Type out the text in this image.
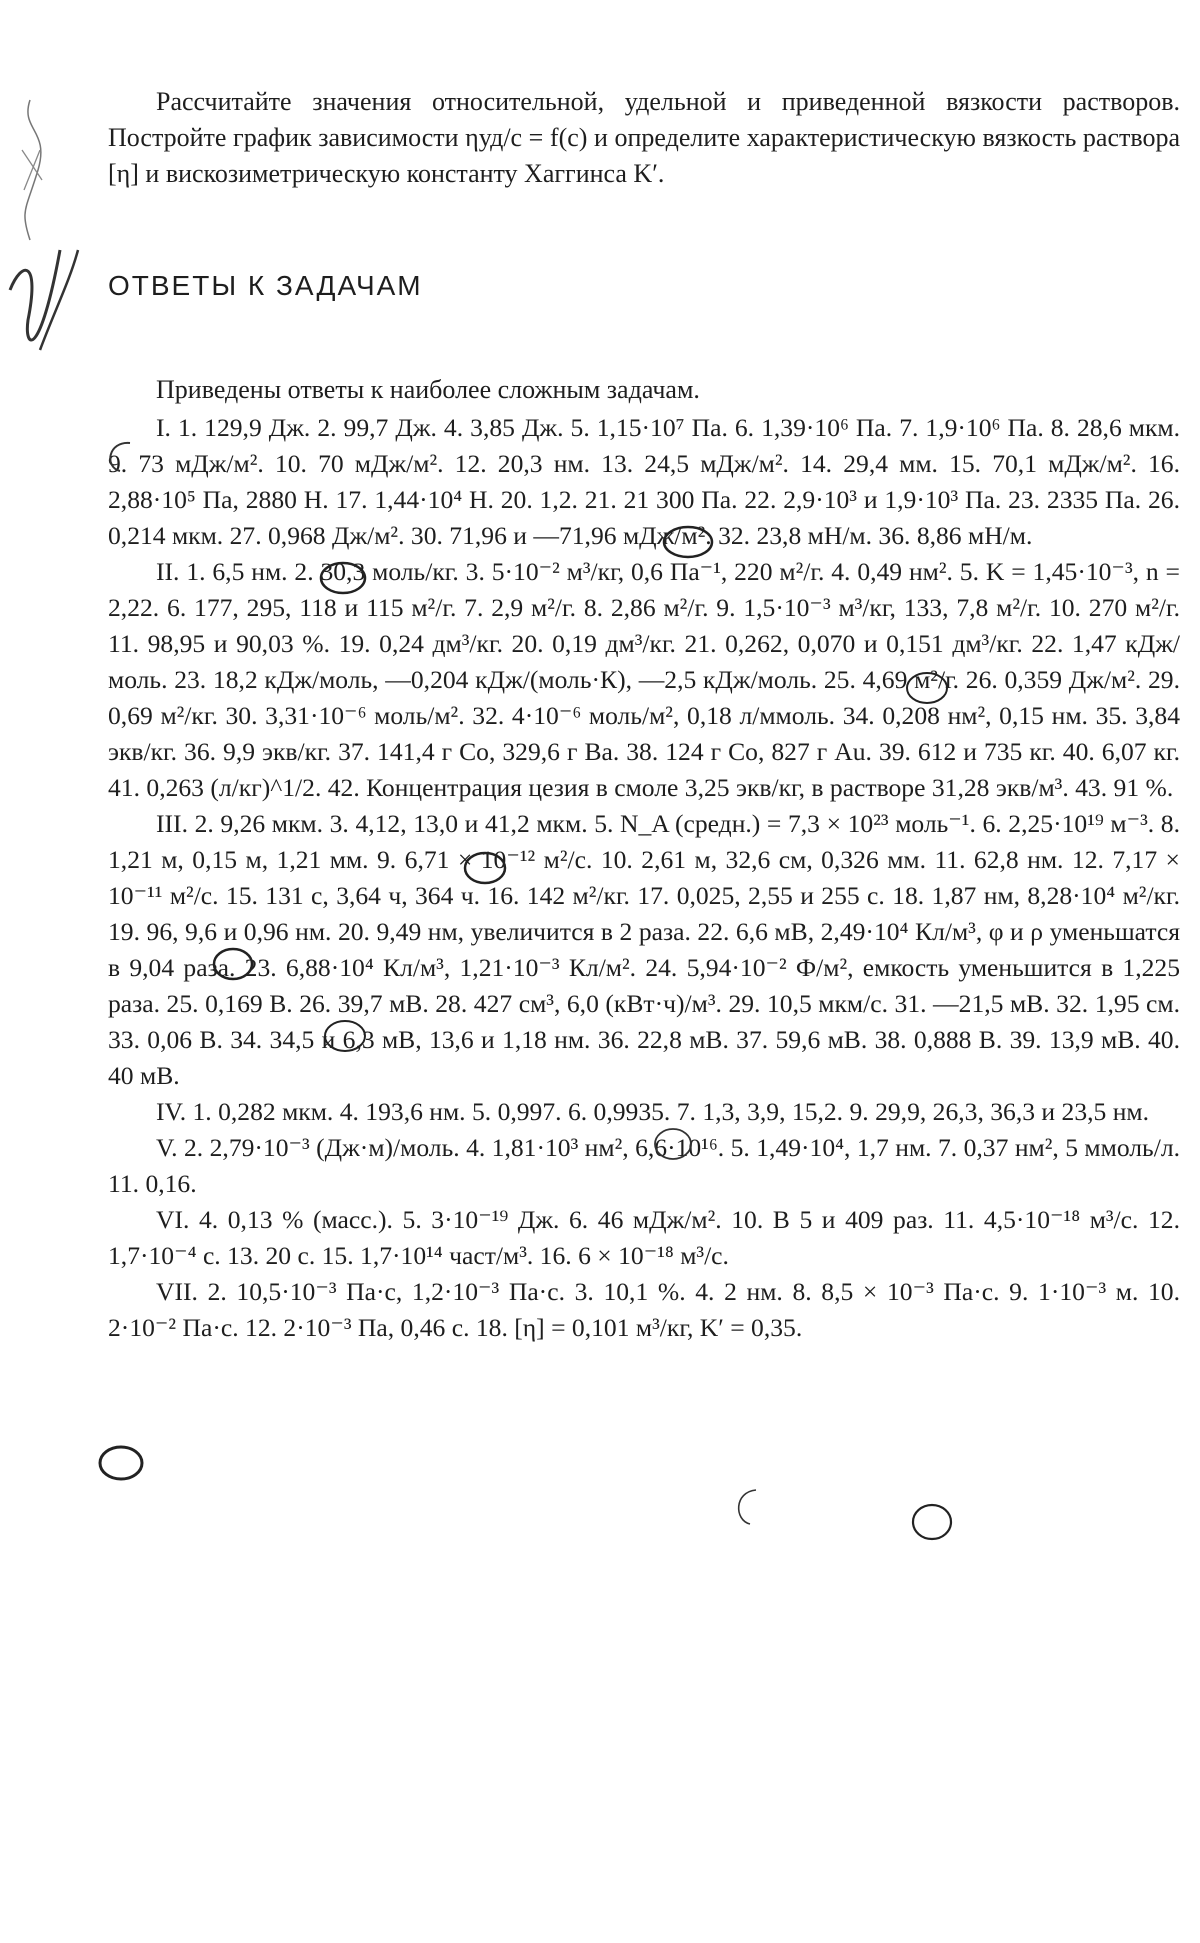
Рассчитайте значения относительной, удельной и приведенной вязкости растворов. Постройте график зависимости ηуд/c = f(c) и определите характеристическую вязкость раствора [η] и вискозиметрическую константу Хаггинса K′.

ОТВЕТЫ К ЗАДАЧАМ

Приведены ответы к наиболее сложным задачам.

I. 1. 129,9 Дж. 2. 99,7 Дж. 4. 3,85 Дж. 5. 1,15·10⁷ Па. 6. 1,39·10⁶ Па. 7. 1,9·10⁶ Па. 8. 28,6 мкм. 9. 73 мДж/м². 10. 70 мДж/м². 12. 20,3 нм. 13. 24,5 мДж/м². 14. 29,4 мм. 15. 70,1 мДж/м². 16. 2,88·10⁵ Па, 2880 Н. 17. 1,44·10⁴ Н. 20. 1,2. 21. 21 300 Па. 22. 2,9·10³ и 1,9·10³ Па. 23. 2335 Па. 26. 0,214 мкм. 27. 0,968 Дж/м². 30. 71,96 и —71,96 мДж/м². 32. 23,8 мН/м. 36. 8,86 мН/м.

II. 1. 6,5 нм. 2. 30,3 моль/кг. 3. 5·10⁻² м³/кг, 0,6 Па⁻¹, 220 м²/г. 4. 0,49 нм². 5. K = 1,45·10⁻³, n = 2,22. 6. 177, 295, 118 и 115 м²/г. 7. 2,9 м²/г. 8. 2,86 м²/г. 9. 1,5·10⁻³ м³/кг, 133, 7,8 м²/г. 10. 270 м²/г. 11. 98,95 и 90,03 %. 19. 0,24 дм³/кг. 20. 0,19 дм³/кг. 21. 0,262, 0,070 и 0,151 дм³/кг. 22. 1,47 кДж/моль. 23. 18,2 кДж/моль, —0,204 кДж/(моль·К), —2,5 кДж/моль. 25. 4,69 м²/г. 26. 0,359 Дж/м². 29. 0,69 м²/кг. 30. 3,31·10⁻⁶ моль/м². 32. 4·10⁻⁶ моль/м², 0,18 л/ммоль. 34. 0,208 нм², 0,15 нм. 35. 3,84 экв/кг. 36. 9,9 экв/кг. 37. 141,4 г Co, 329,6 г Ba. 38. 124 г Co, 827 г Au. 39. 612 и 735 кг. 40. 6,07 кг. 41. 0,263 (л/кг)^1/2. 42. Концентрация цезия в смоле 3,25 экв/кг, в растворе 31,28 экв/м³. 43. 91 %.

III. 2. 9,26 мкм. 3. 4,12, 13,0 и 41,2 мкм. 5. N_A (средн.) = 7,3 × 10²³ моль⁻¹. 6. 2,25·10¹⁹ м⁻³. 8. 1,21 м, 0,15 м, 1,21 мм. 9. 6,71 × 10⁻¹² м²/с. 10. 2,61 м, 32,6 см, 0,326 мм. 11. 62,8 нм. 12. 7,17 × 10⁻¹¹ м²/с. 15. 131 с, 3,64 ч, 364 ч. 16. 142 м²/кг. 17. 0,025, 2,55 и 255 с. 18. 1,87 нм, 8,28·10⁴ м²/кг. 19. 96, 9,6 и 0,96 нм. 20. 9,49 нм, увеличится в 2 раза. 22. 6,6 мВ, 2,49·10⁴ Кл/м³, φ и ρ уменьшатся в 9,04 раза. 23. 6,88·10⁴ Кл/м³, 1,21·10⁻³ Кл/м². 24. 5,94·10⁻² Ф/м², емкость уменьшится в 1,225 раза. 25. 0,169 В. 26. 39,7 мВ. 28. 427 см³, 6,0 (кВт·ч)/м³. 29. 10,5 мкм/с. 31. —21,5 мВ. 32. 1,95 см. 33. 0,06 В. 34. 34,5 и 6,3 мВ, 13,6 и 1,18 нм. 36. 22,8 мВ. 37. 59,6 мВ. 38. 0,888 В. 39. 13,9 мВ. 40. 40 мВ.

IV. 1. 0,282 мкм. 4. 193,6 нм. 5. 0,997. 6. 0,9935. 7. 1,3, 3,9, 15,2. 9. 29,9, 26,3, 36,3 и 23,5 нм.

V. 2. 2,79·10⁻³ (Дж·м)/моль. 4. 1,81·10³ нм², 6,6·10¹⁶. 5. 1,49·10⁴, 1,7 нм. 7. 0,37 нм², 5 ммоль/л. 11. 0,16.

VI. 4. 0,13 % (масс.). 5. 3·10⁻¹⁹ Дж. 6. 46 мДж/м². 10. В 5 и 409 раз. 11. 4,5·10⁻¹⁸ м³/с. 12. 1,7·10⁻⁴ с. 13. 20 с. 15. 1,7·10¹⁴ част/м³. 16. 6 × 10⁻¹⁸ м³/с.

VII. 2. 10,5·10⁻³ Па·с, 1,2·10⁻³ Па·с. 3. 10,1 %. 4. 2 нм. 8. 8,5 × 10⁻³ Па·с. 9. 1·10⁻³ м. 10. 2·10⁻² Па·с. 12. 2·10⁻³ Па, 0,46 с. 18. [η] = 0,101 м³/кг, K′ = 0,35.
